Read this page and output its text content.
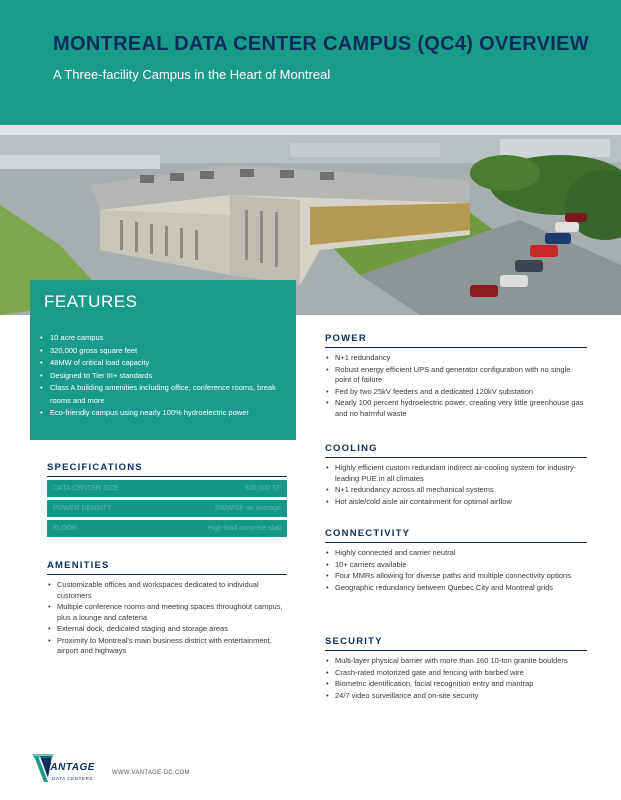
MONTREAL DATA CENTER CAMPUS (QC4) OVERVIEW
A Three-facility Campus in the Heart of Montreal
FEATURES
• 10 acre campus
• 320,000 gross square feet
• 48MW of critical load capacity
• Designed to Tier III+ standards
• Class A building amenities including office, conference rooms, break rooms and more
• Eco-friendly campus using nearly 100% hydroelectric power
SPECIFICATIONS
DATA CENTER SIZE	320,000 SF
POWER DENSITY	200W/SF on average
FLOOR	High-load concrete slab
AMENITIES
• Customizable offices and workspaces dedicated to individual customers
• Multiple conference rooms and meeting spaces throughout campus, plus a lounge and cafeteria
• External dock, dedicated staging and storage areas
• Proximity to Montreal's main business district with entertainment, airport and highways
POWER
• N+1 redundancy
• Robust energy efficient UPS and generator configuration with no single point of failure
• Fed by two 25kV feeders and a dedicated 120kV substation
• Nearly 100 percent hydroelectric power, creating very little greenhouse gas and no harmful waste
COOLING
• Highly efficient custom redundant indirect air-cooling system for industry-leading PUE in all climates
• N+1 redundancy across all mechanical systems
• Hot aisle/cold aisle air containment for optimal airflow
CONNECTIVITY
• Highly connected and carrier neutral
• 10+ carriers available
• Four MMRs allowing for diverse paths and multiple connectivity options
• Geographic redundancy between Quebec City and Montreal grids
SECURITY
• Multi-layer physical barrier with more than 160 10-ton granite boulders
• Crash-rated motorized gate and fencing with barbed wire
• Biometric identification, facial recognition entry and mantrap
• 24/7 video surveillance and on-site security
VANTAGE
DATA CENTERS
WWW.VANTAGE-DC.COM
